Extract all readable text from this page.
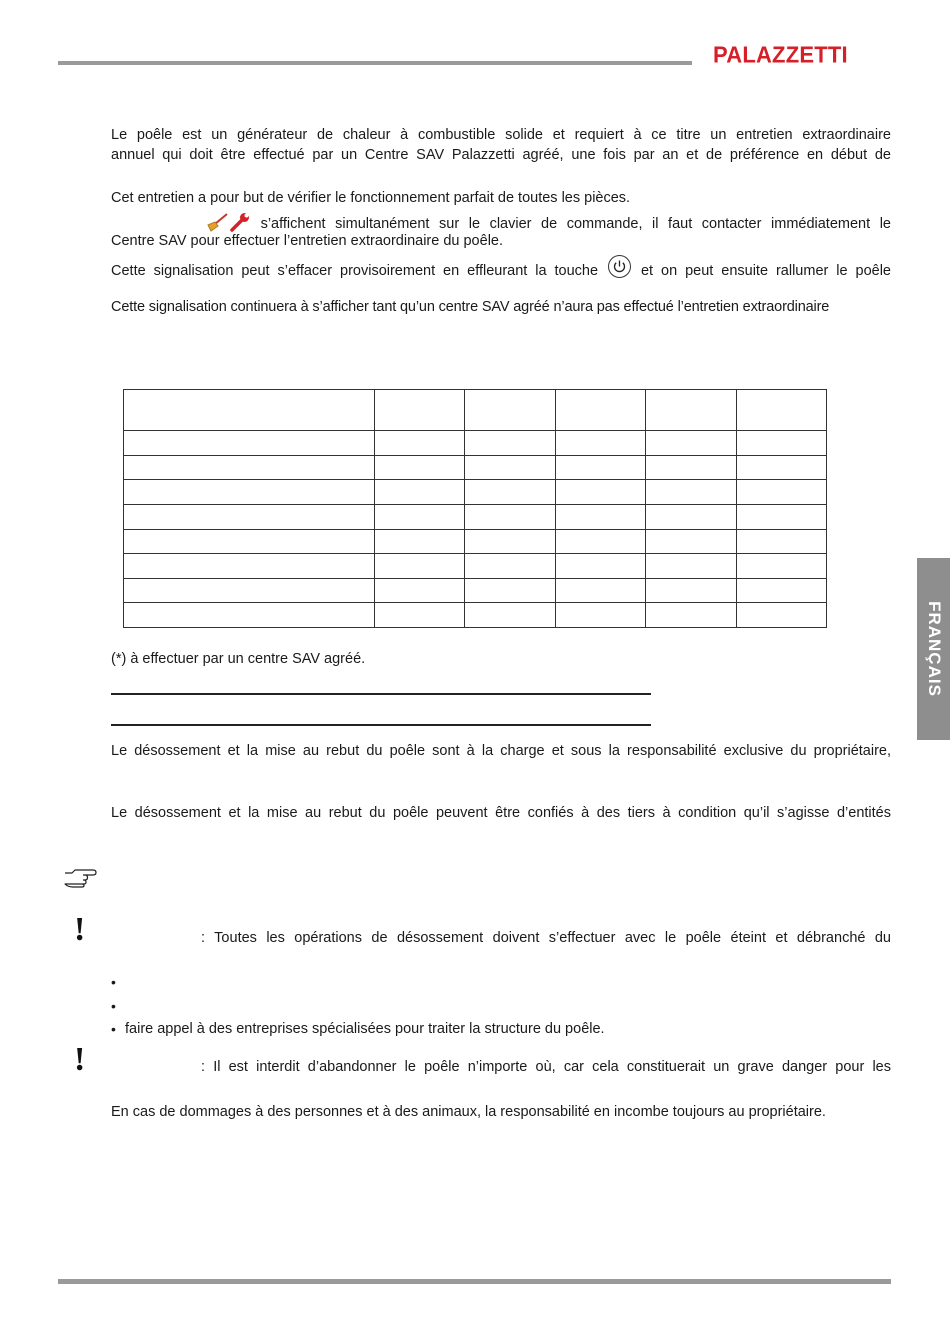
PALAZZETTI
Le poêle est un générateur de chaleur à combustible solide et requiert à ce titre un entretien extraordinaire
annuel qui doit être effectué par un Centre SAV Palazzetti agréé, une fois par an et de préférence en début de
Cet entretien a pour but de vérifier le fonctionnement parfait de toutes les pièces.
s’affichent simultanément sur le clavier de commande, il faut contacter immédiatement le
Centre SAV pour effectuer l’entretien extraordinaire du poêle.
Cette signalisation peut s’effacer provisoirement en effleurant la touche	et on peut ensuite rallumer le poêle
Cette signalisation continuera à s’afficher tant qu’un centre SAV agréé n’aura pas effectué l’entretien extraordinaire

(*) à effectuer par un centre SAV agréé.
Le désossement et la mise au rebut du poêle sont à la charge et sous la responsabilité exclusive du propriétaire,
Le désossement et la mise au rebut du poêle peuvent être confiés à des tiers à condition qu’il s’agisse d’entités
!	: Toutes les opérations de désossement doivent s’effectuer avec le poêle éteint et débranché du
•
•
• faire appel à des entreprises spécialisées pour traiter la structure du poêle.
!	: Il est interdit d’abandonner le poêle n’importe où, car cela constituerait un grave danger pour les
En cas de dommages à des personnes et à des animaux, la responsabilité en incombe toujours au propriétaire.
FRANÇAIS
